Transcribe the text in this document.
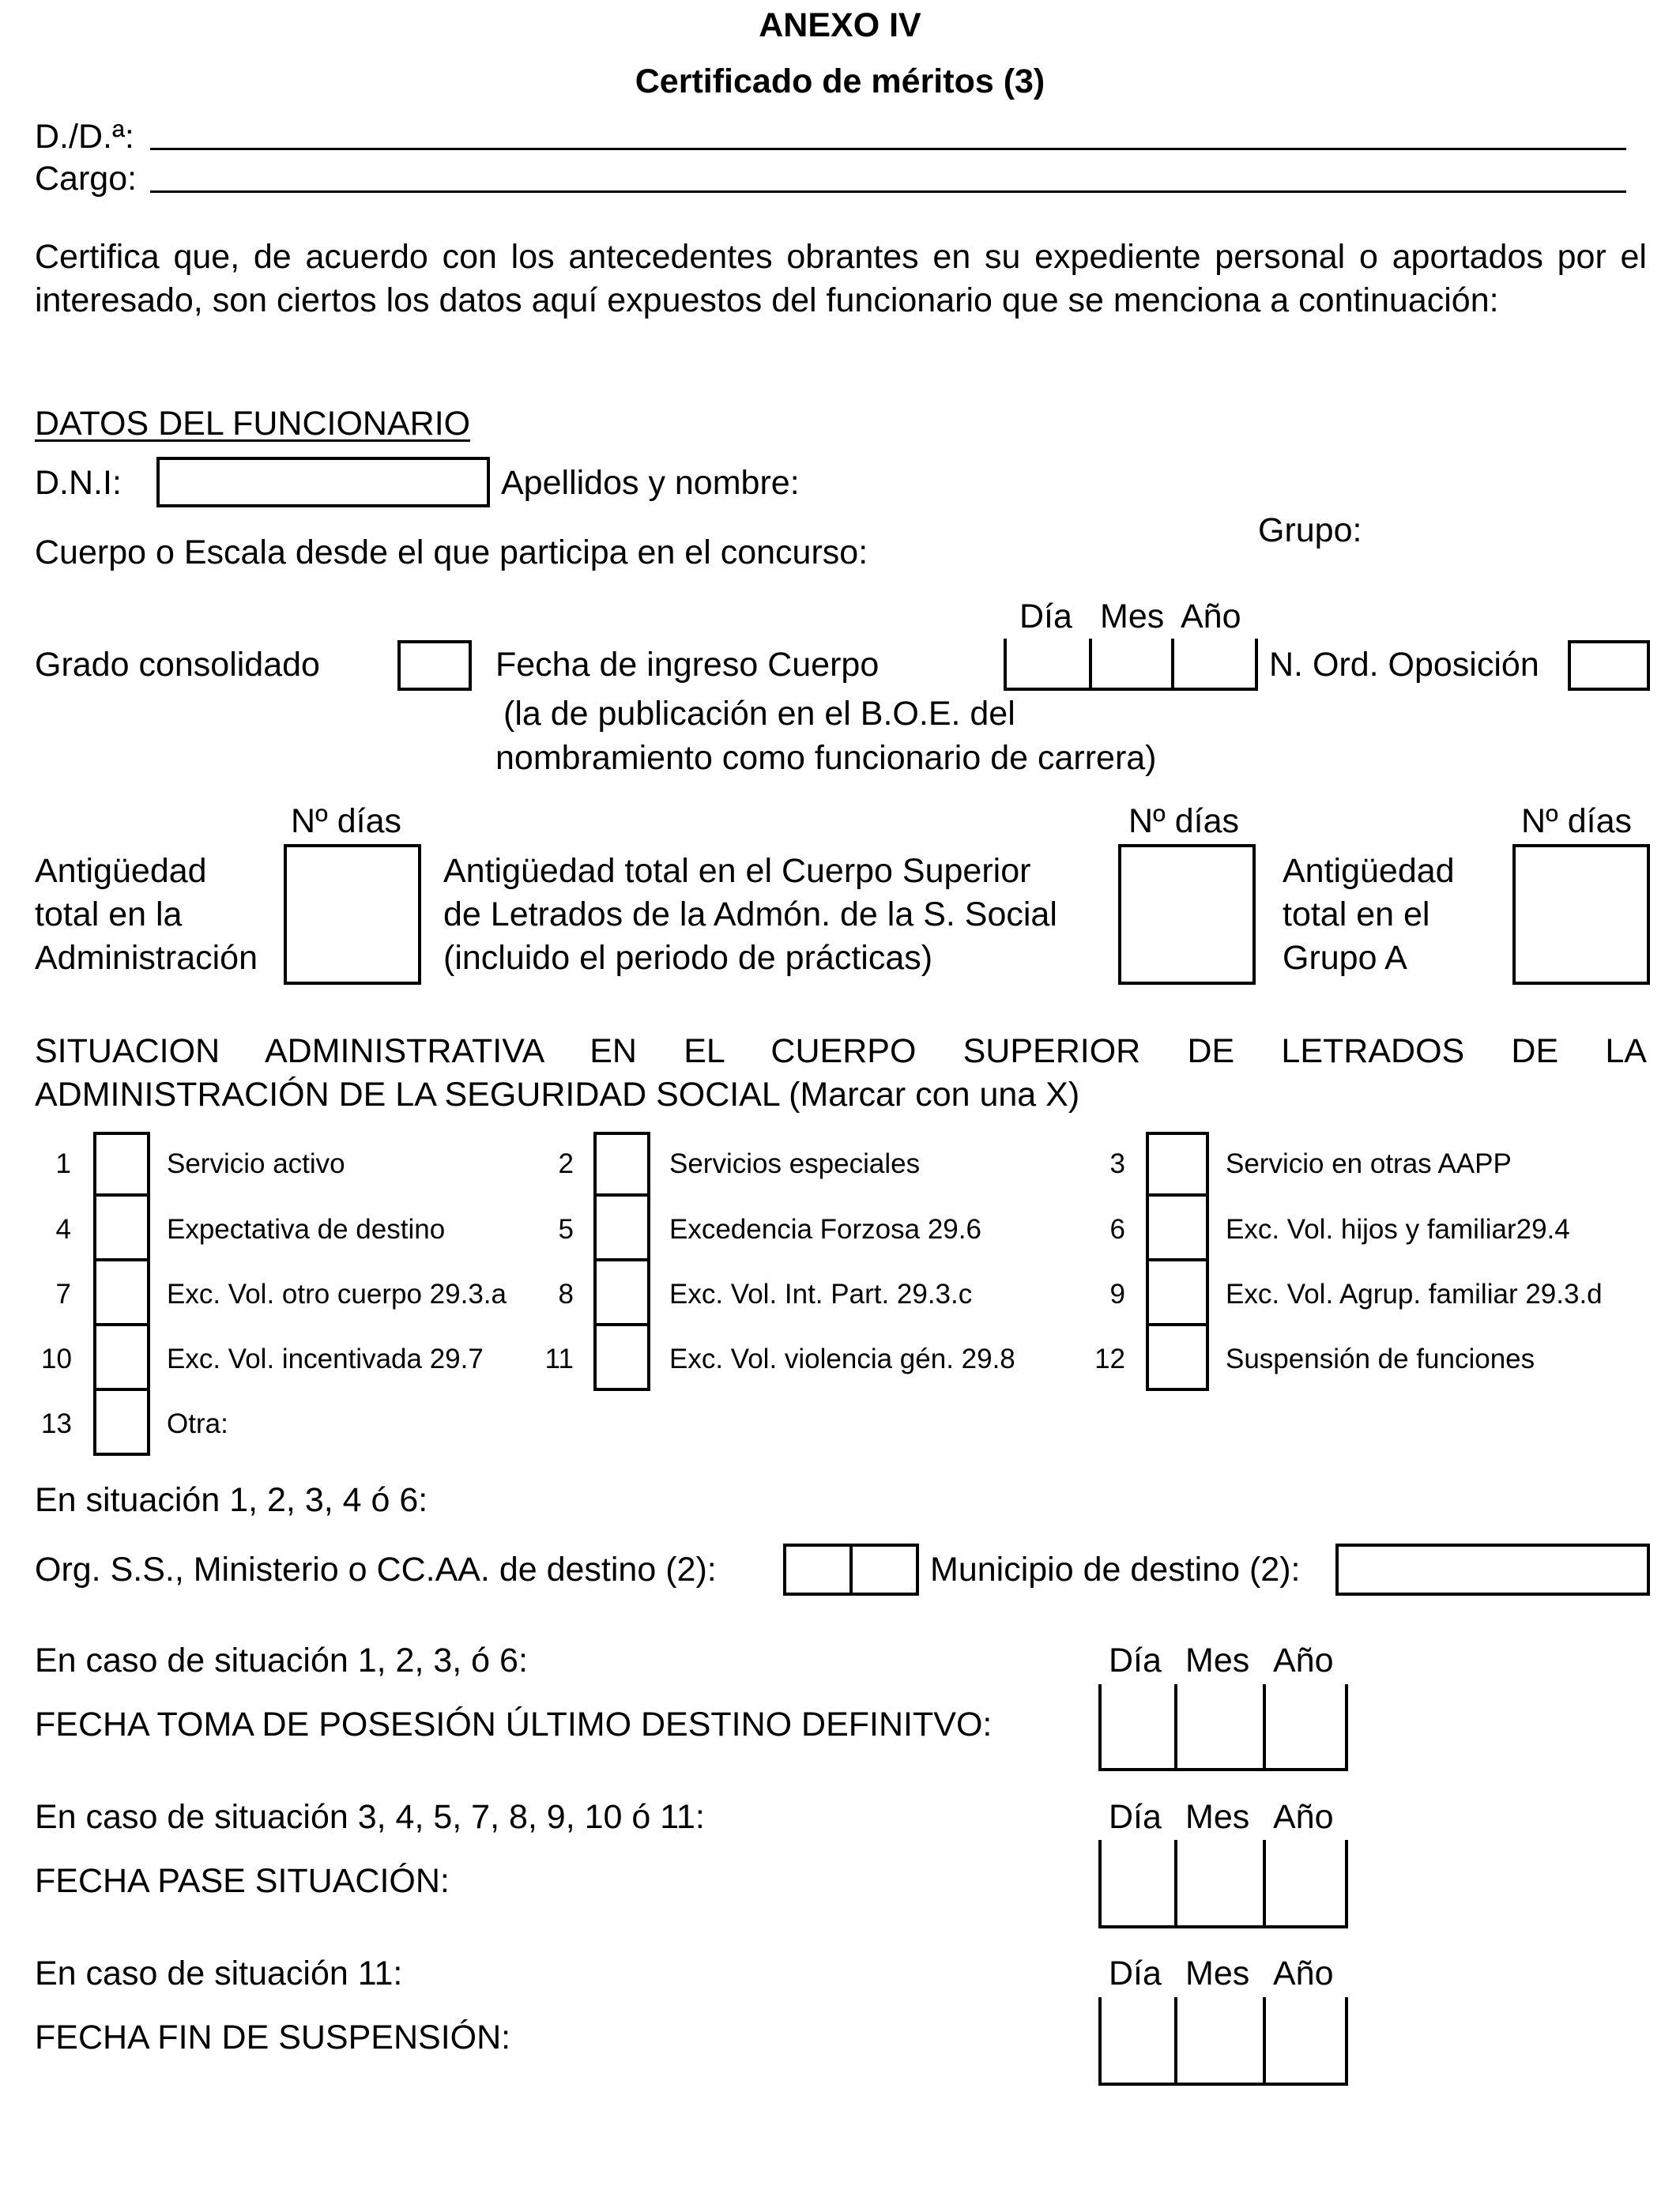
ANEXO IV
Certificado de méritos (3)
D./D.ª:
Cargo:
Certifica que, de acuerdo con los antecedentes obrantes en su expediente personal o aportados por el interesado, son ciertos los datos aquí expuestos del funcionario que se menciona a continuación:
DATOS DEL FUNCIONARIO
D.N.I:	Apellidos y nombre:
Grupo:
Cuerpo o Escala desde el que participa en el concurso:
Día Mes Año
Grado consolidado	Fecha de ingreso Cuerpo	N. Ord. Oposición
(la de publicación en el B.O.E. del
nombramiento como funcionario de carrera)
Nº días	Nº días	Nº días
Antigüedad
total en la
Administración
Antigüedad total en el Cuerpo Superior
de Letrados de la Admón. de la S. Social
(incluido el periodo de prácticas)
Antigüedad
total en el
Grupo A
SITUACION ADMINISTRATIVA EN EL CUERPO SUPERIOR DE LETRADOS DE LA
ADMINISTRACIÓN DE LA SEGURIDAD SOCIAL (Marcar con una X)
1	Servicio activo	2	Servicios especiales	3	Servicio en otras AAPP
4	Expectativa de destino	5	Excedencia Forzosa 29.6	6	Exc. Vol. hijos y familiar29.4
7	Exc. Vol. otro cuerpo 29.3.a	8	Exc. Vol. Int. Part. 29.3.c	9	Exc. Vol. Agrup. familiar 29.3.d
10	Exc. Vol. incentivada 29.7 11	Exc. Vol. violencia gén. 29.8	12	Suspensión de funciones
13	Otra:
En situación 1, 2, 3, 4 ó 6:
Org. S.S., Ministerio o CC.AA. de destino (2):	Municipio de destino (2):
En caso de situación 1, 2, 3, ó 6:	Día Mes Año
FECHA TOMA DE POSESIÓN ÚLTIMO DESTINO DEFINITVO:
En caso de situación 3, 4, 5, 7, 8, 9, 10 ó 11:	Día Mes Año
FECHA PASE SITUACIÓN:
En caso de situación 11:	Día Mes Año
FECHA FIN DE SUSPENSIÓN:
